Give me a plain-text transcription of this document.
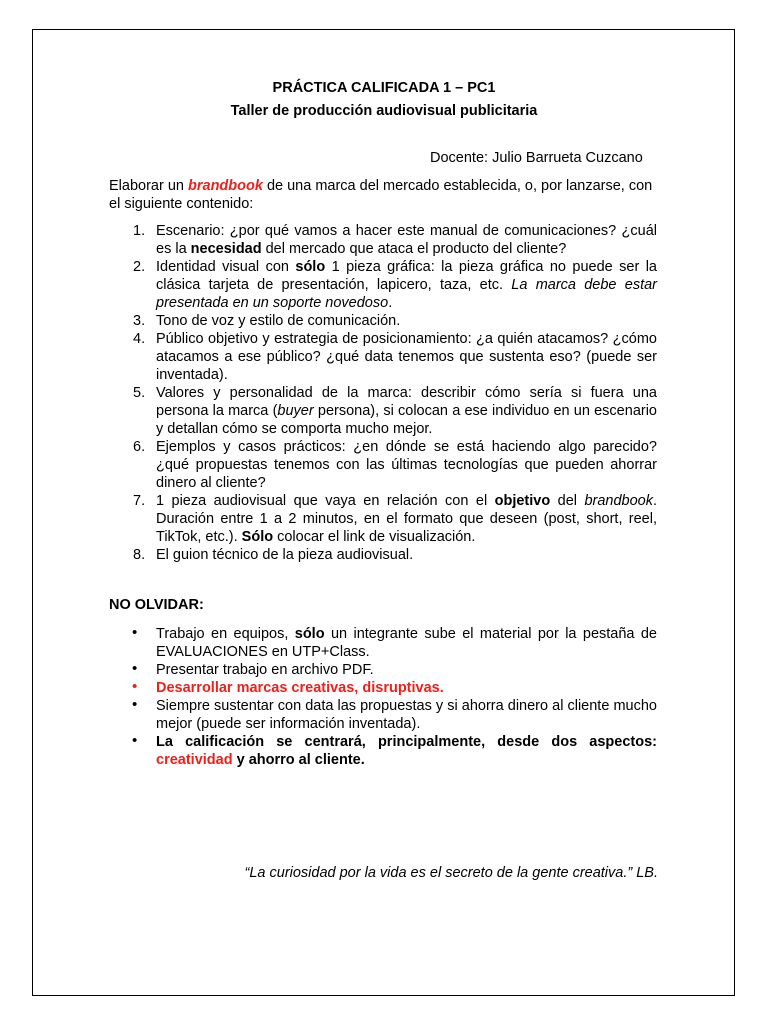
PRÁCTICA CALIFICADA 1 – PC1
Taller de producción audiovisual publicitaria
Docente: Julio Barrueta Cuzcano
Elaborar un brandbook de una marca del mercado establecida, o, por lanzarse, con el siguiente contenido:
1. Escenario: ¿por qué vamos a hacer este manual de comunicaciones? ¿cuál es la necesidad del mercado que ataca el producto del cliente?
2. Identidad visual con sólo 1 pieza gráfica: la pieza gráfica no puede ser la clásica tarjeta de presentación, lapicero, taza, etc. La marca debe estar presentada en un soporte novedoso.
3. Tono de voz y estilo de comunicación.
4. Público objetivo y estrategia de posicionamiento: ¿a quién atacamos? ¿cómo atacamos a ese público? ¿qué data tenemos que sustenta eso? (puede ser inventada).
5. Valores y personalidad de la marca: describir cómo sería si fuera una persona la marca (buyer persona), si colocan a ese individuo en un escenario y detallan cómo se comporta mucho mejor.
6. Ejemplos y casos prácticos: ¿en dónde se está haciendo algo parecido? ¿qué propuestas tenemos con las últimas tecnologías que pueden ahorrar dinero al cliente?
7. 1 pieza audiovisual que vaya en relación con el objetivo del brandbook. Duración entre 1 a 2 minutos, en el formato que deseen (post, short, reel, TikTok, etc.). Sólo colocar el link de visualización.
8. El guion técnico de la pieza audiovisual.
NO OLVIDAR:
• Trabajo en equipos, sólo un integrante sube el material por la pestaña de EVALUACIONES en UTP+Class.
• Presentar trabajo en archivo PDF.
• Desarrollar marcas creativas, disruptivas.
• Siempre sustentar con data las propuestas y si ahorra dinero al cliente mucho mejor (puede ser información inventada).
• La calificación se centrará, principalmente, desde dos aspectos: creatividad y ahorro al cliente.
“La curiosidad por la vida es el secreto de la gente creativa.” LB.
